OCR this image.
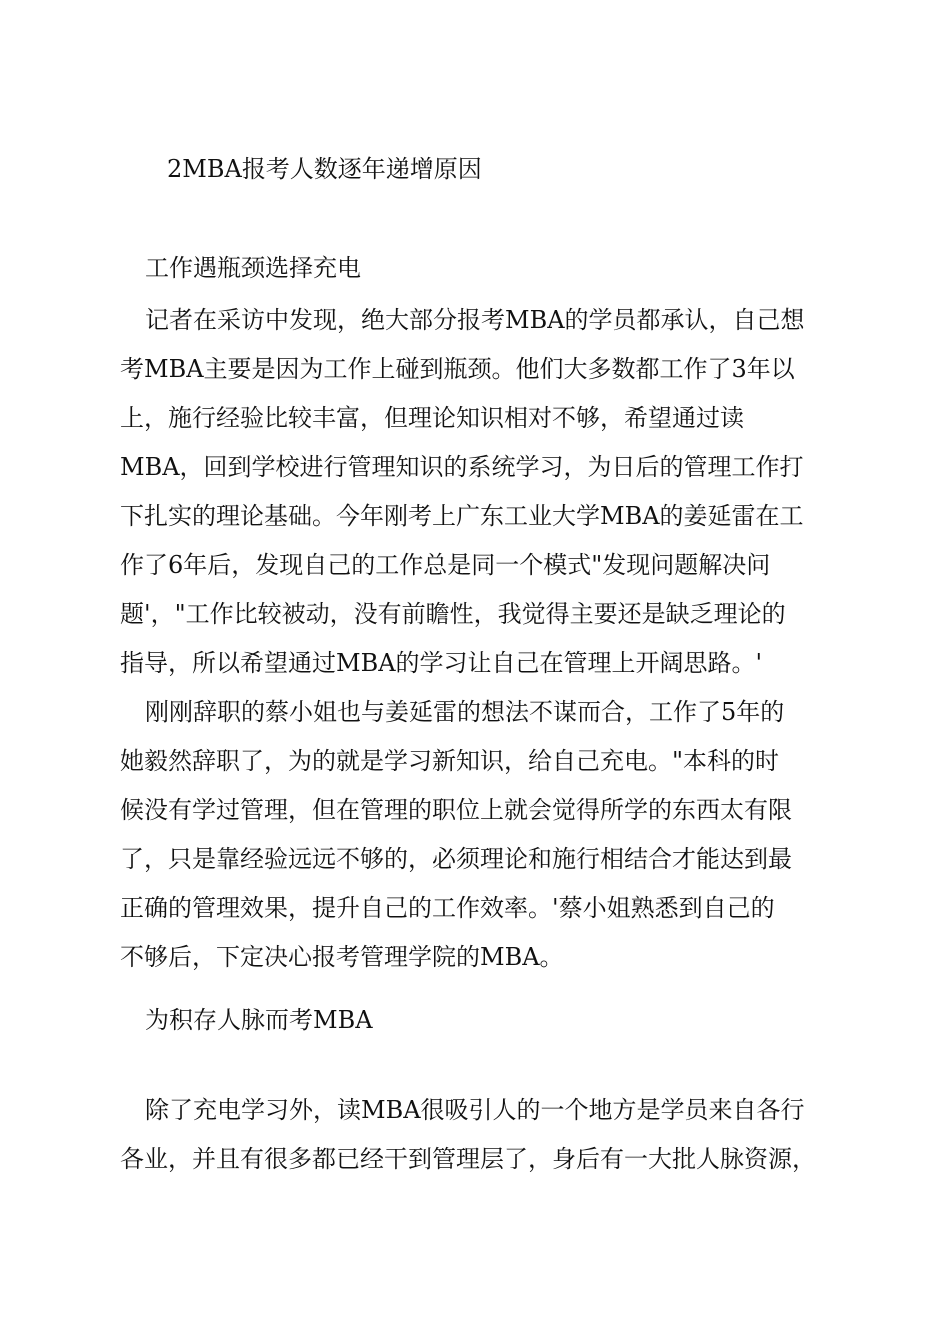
2MBA报考人数逐年递增原因
工作遇瓶颈选择充电
记者在采访中发现，绝大部分报考MBA的学员都承认，自己想
考MBA主要是因为工作上碰到瓶颈。他们大多数都工作了3年以
上，施行经验比较丰富，但理论知识相对不够，希望通过读
MBA，回到学校进行管理知识的系统学习，为日后的管理工作打
下扎实的理论基础。今年刚考上广东工业大学MBA的姜延雷在工
作了6年后，发现自己的工作总是同一个模式"发现问题解决问
题'，"工作比较被动，没有前瞻性，我觉得主要还是缺乏理论的
指导，所以希望通过MBA的学习让自己在管理上开阔思路。'
刚刚辞职的蔡小姐也与姜延雷的想法不谋而合，工作了5年的
她毅然辞职了，为的就是学习新知识，给自己充电。"本科的时
候没有学过管理，但在管理的职位上就会觉得所学的东西太有限
了，只是靠经验远远不够的，必须理论和施行相结合才能达到最
正确的管理效果，提升自己的工作效率。'蔡小姐熟悉到自己的
不够后，下定决心报考管理学院的MBA。
为积存人脉而考MBA
除了充电学习外，读MBA很吸引人的一个地方是学员来自各行
各业，并且有很多都已经干到管理层了，身后有一大批人脉资源，
